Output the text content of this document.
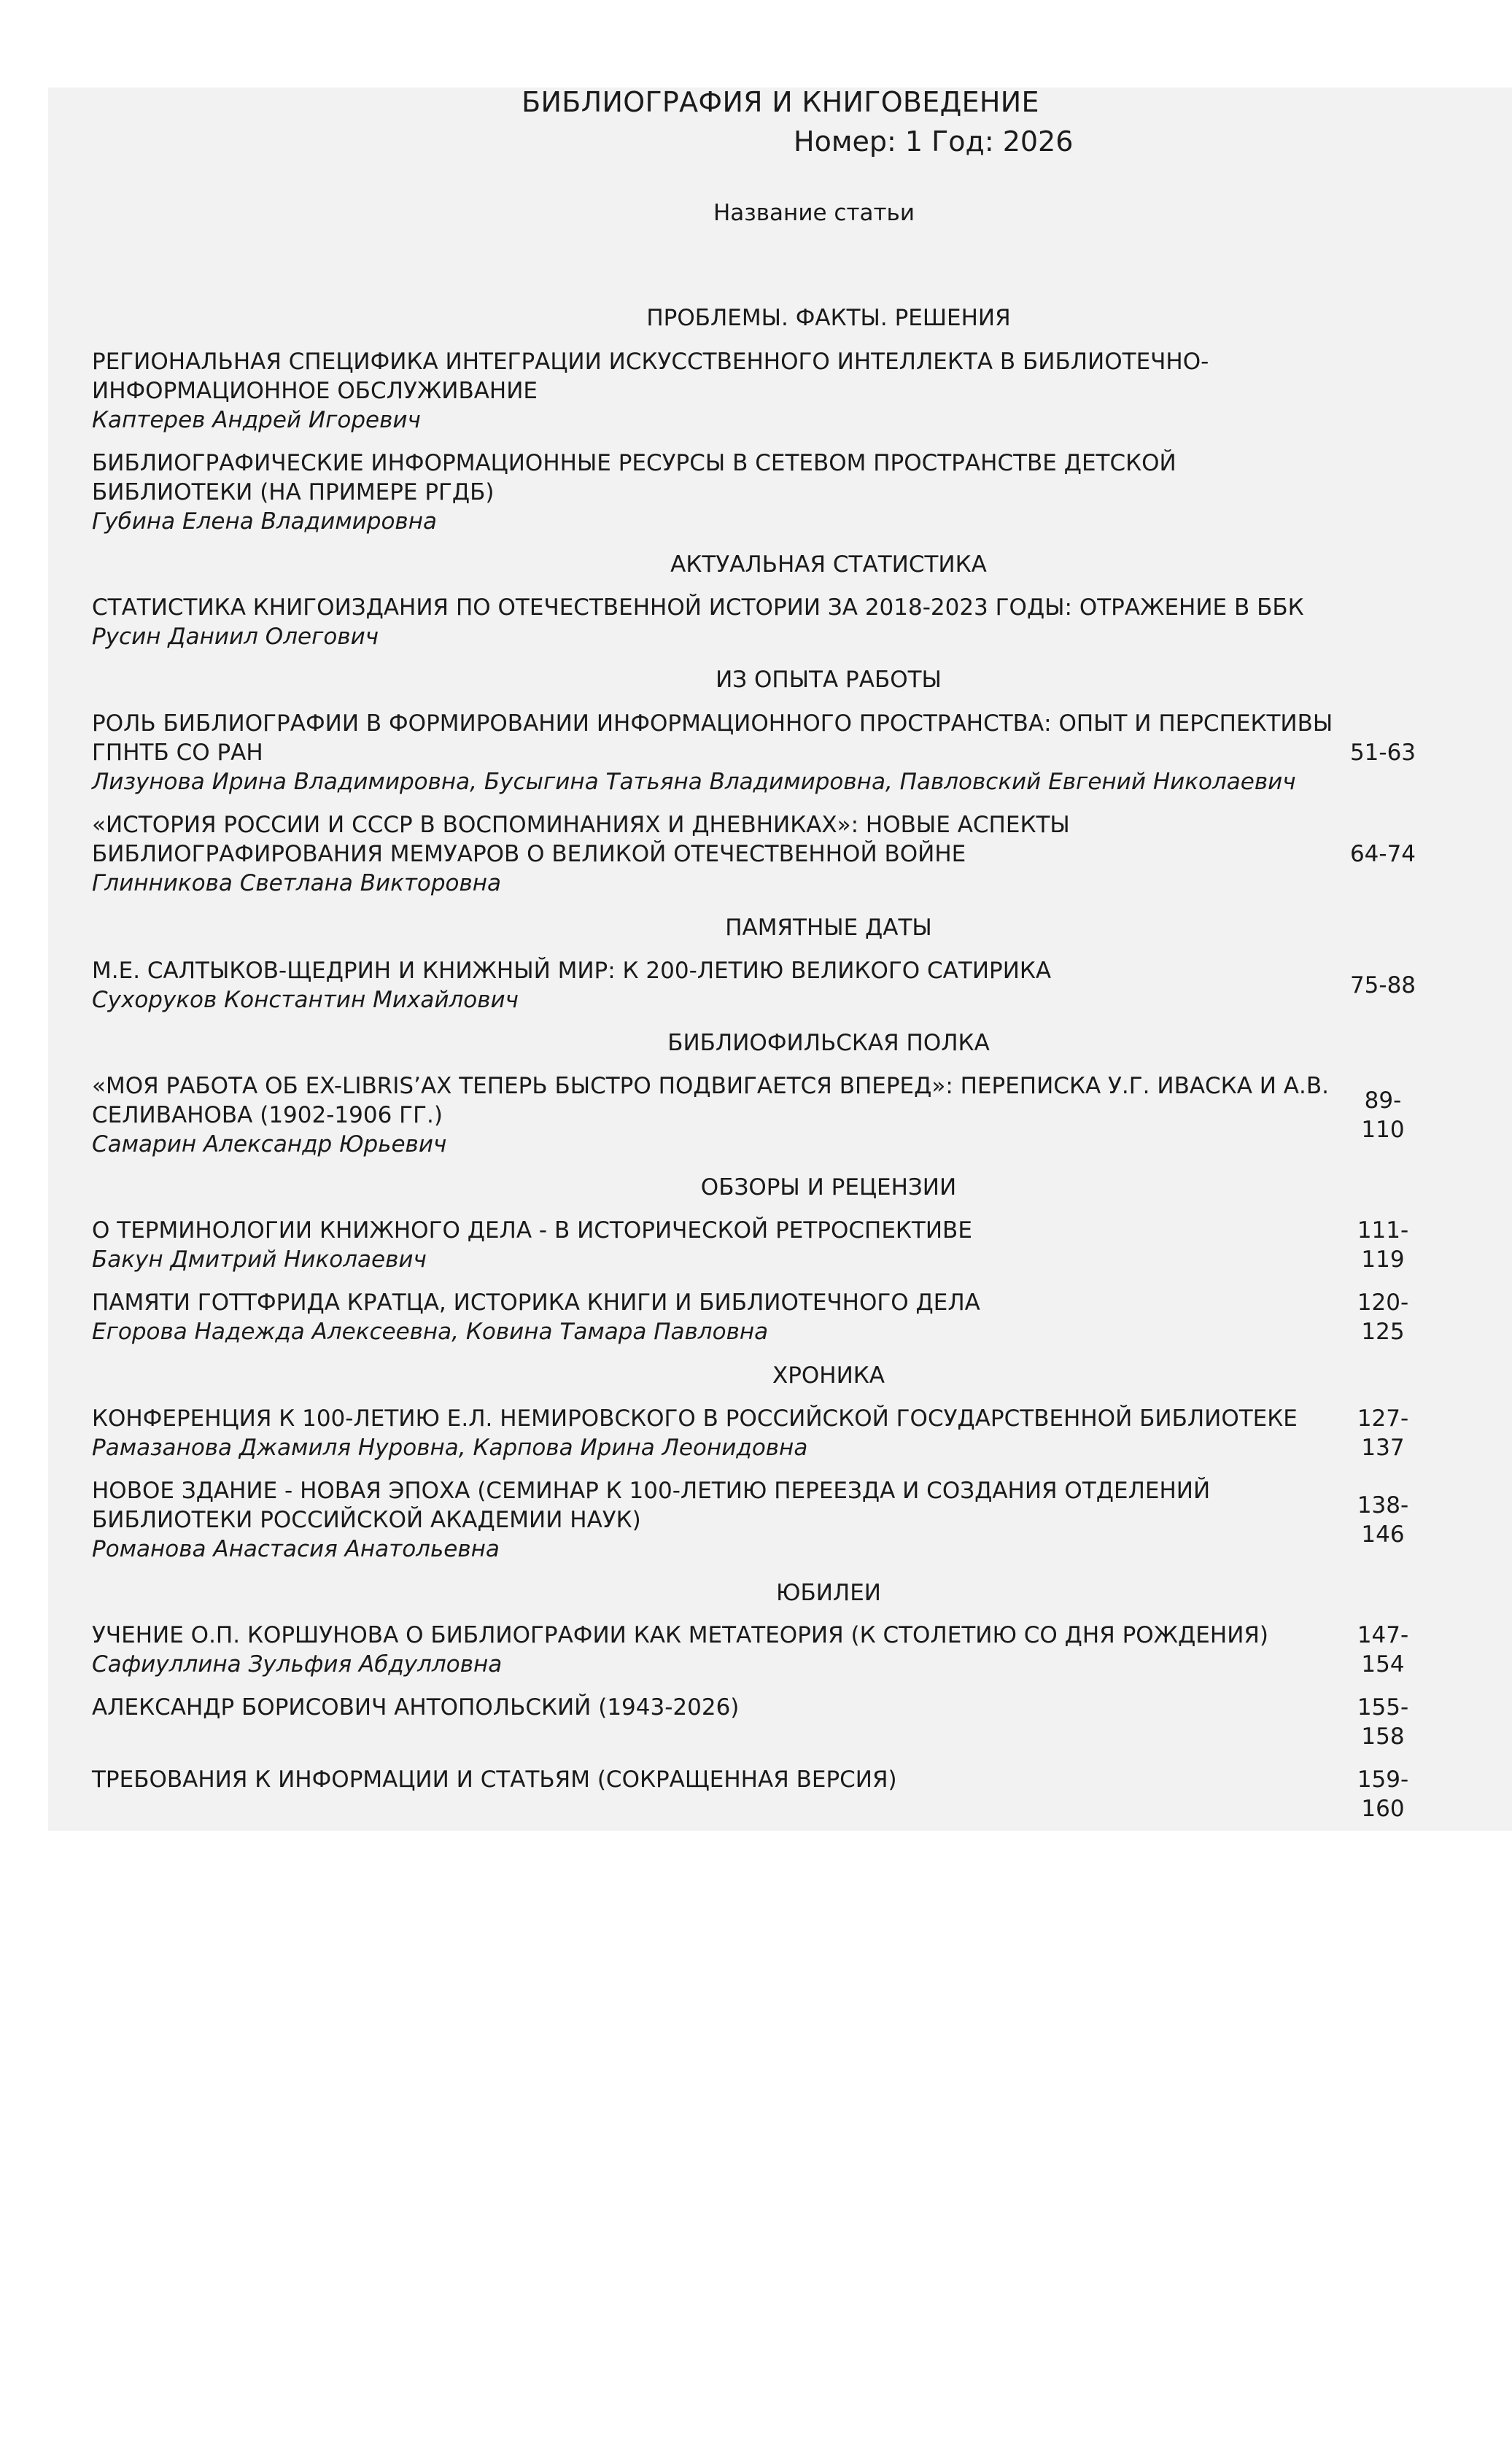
БИБЛИОГРАФИЯ И КНИГОВЕДЕНИЕ
Номер: 1 Год: 2026
Название статьи
ПРОБЛЕМЫ. ФАКТЫ. РЕШЕНИЯ
АКТУАЛЬНАЯ СТАТИСТИКА
ИЗ ОПЫТА РАБОТЫ
ПАМЯТНЫЕ ДАТЫ
БИБЛИОФИЛЬСКАЯ ПОЛКА
ОБЗОРЫ И РЕЦЕНЗИИ
ХРОНИКА
ЮБИЛЕИ
РЕГИОНАЛЬНАЯ СПЕЦИФИКА ИНТЕГРАЦИИ ИСКУССТВЕННОГО ИНТЕЛЛЕКТА В БИБЛИОТЕЧНО-ИНФОРМАЦИОННОЕ ОБСЛУЖИВАНИЕ
Каптерев Андрей Игоревич
БИБЛИОГРАФИЧЕСКИЕ ИНФОРМАЦИОННЫЕ РЕСУРСЫ В СЕТЕВОМ ПРОСТРАНСТВЕ ДЕТСКОЙ БИБЛИОТЕКИ (НА ПРИМЕРЕ РГДБ)
Губина Елена Владимировна
СТАТИСТИКА КНИГОИЗДАНИЯ ПО ОТЕЧЕСТВЕННОЙ ИСТОРИИ ЗА 2018-2023 ГОДЫ: ОТРАЖЕНИЕ В ББК
Русин Даниил Олегович
РОЛЬ БИБЛИОГРАФИИ В ФОРМИРОВАНИИ ИНФОРМАЦИОННОГО ПРОСТРАНСТВА: ОПЫТ И ПЕРСПЕКТИВЫ ГПНТБ СО РАН
Лизунова Ирина Владимировна, Бусыгина Татьяна Владимировна, Павловский Евгений Николаевич
51-63
«ИСТОРИЯ РОССИИ И СССР В ВОСПОМИНАНИЯХ И ДНЕВНИКАХ»: НОВЫЕ АСПЕКТЫ БИБЛИОГРАФИРОВАНИЯ МЕМУАРОВ О ВЕЛИКОЙ ОТЕЧЕСТВЕННОЙ ВОЙНЕ
Глинникова Светлана Викторовна
64-74
М.Е. САЛТЫКОВ-ЩЕДРИН И КНИЖНЫЙ МИР: К 200-ЛЕТИЮ ВЕЛИКОГО САТИРИКА
Сухоруков Константин Михайлович
75-88
«МОЯ РАБОТА ОБ EX-LIBRIS’АХ ТЕПЕРЬ БЫСТРО ПОДВИГАЕТСЯ ВПЕРЕД»: ПЕРЕПИСКА У.Г. ИВАСКА И А.В. СЕЛИВАНОВА (1902-1906 ГГ.)
Самарин Александр Юрьевич
89-
110
О ТЕРМИНОЛОГИИ КНИЖНОГО ДЕЛА - В ИСТОРИЧЕСКОЙ РЕТРОСПЕКТИВЕ
Бакун Дмитрий Николаевич
111-
119
ПАМЯТИ ГОТТФРИДА КРАТЦА, ИСТОРИКА КНИГИ И БИБЛИОТЕЧНОГО ДЕЛА
Егорова Надежда Алексеевна, Ковина Тамара Павловна
120-
125
КОНФЕРЕНЦИЯ К 100-ЛЕТИЮ Е.Л. НЕМИРОВСКОГО В РОССИЙСКОЙ ГОСУДАРСТВЕННОЙ БИБЛИОТЕКЕ
Рамазанова Джамиля Нуровна, Карпова Ирина Леонидовна
127-
137
НОВОЕ ЗДАНИЕ - НОВАЯ ЭПОХА (СЕМИНАР К 100-ЛЕТИЮ ПЕРЕЕЗДА И СОЗДАНИЯ ОТДЕЛЕНИЙ БИБЛИОТЕКИ РОССИЙСКОЙ АКАДЕМИИ НАУК)
Романова Анастасия Анатольевна
138-
146
УЧЕНИЕ О.П. КОРШУНОВА О БИБЛИОГРАФИИ КАК МЕТАТЕОРИЯ (К СТОЛЕТИЮ СО ДНЯ РОЖДЕНИЯ)
Сафиуллина Зульфия Абдулловна
147-
154
АЛЕКСАНДР БОРИСОВИЧ АНТОПОЛЬСКИЙ (1943-2026)	155-
158
ТРЕБОВАНИЯ К ИНФОРМАЦИИ И СТАТЬЯМ (СОКРАЩЕННАЯ ВЕРСИЯ)	159-
160
